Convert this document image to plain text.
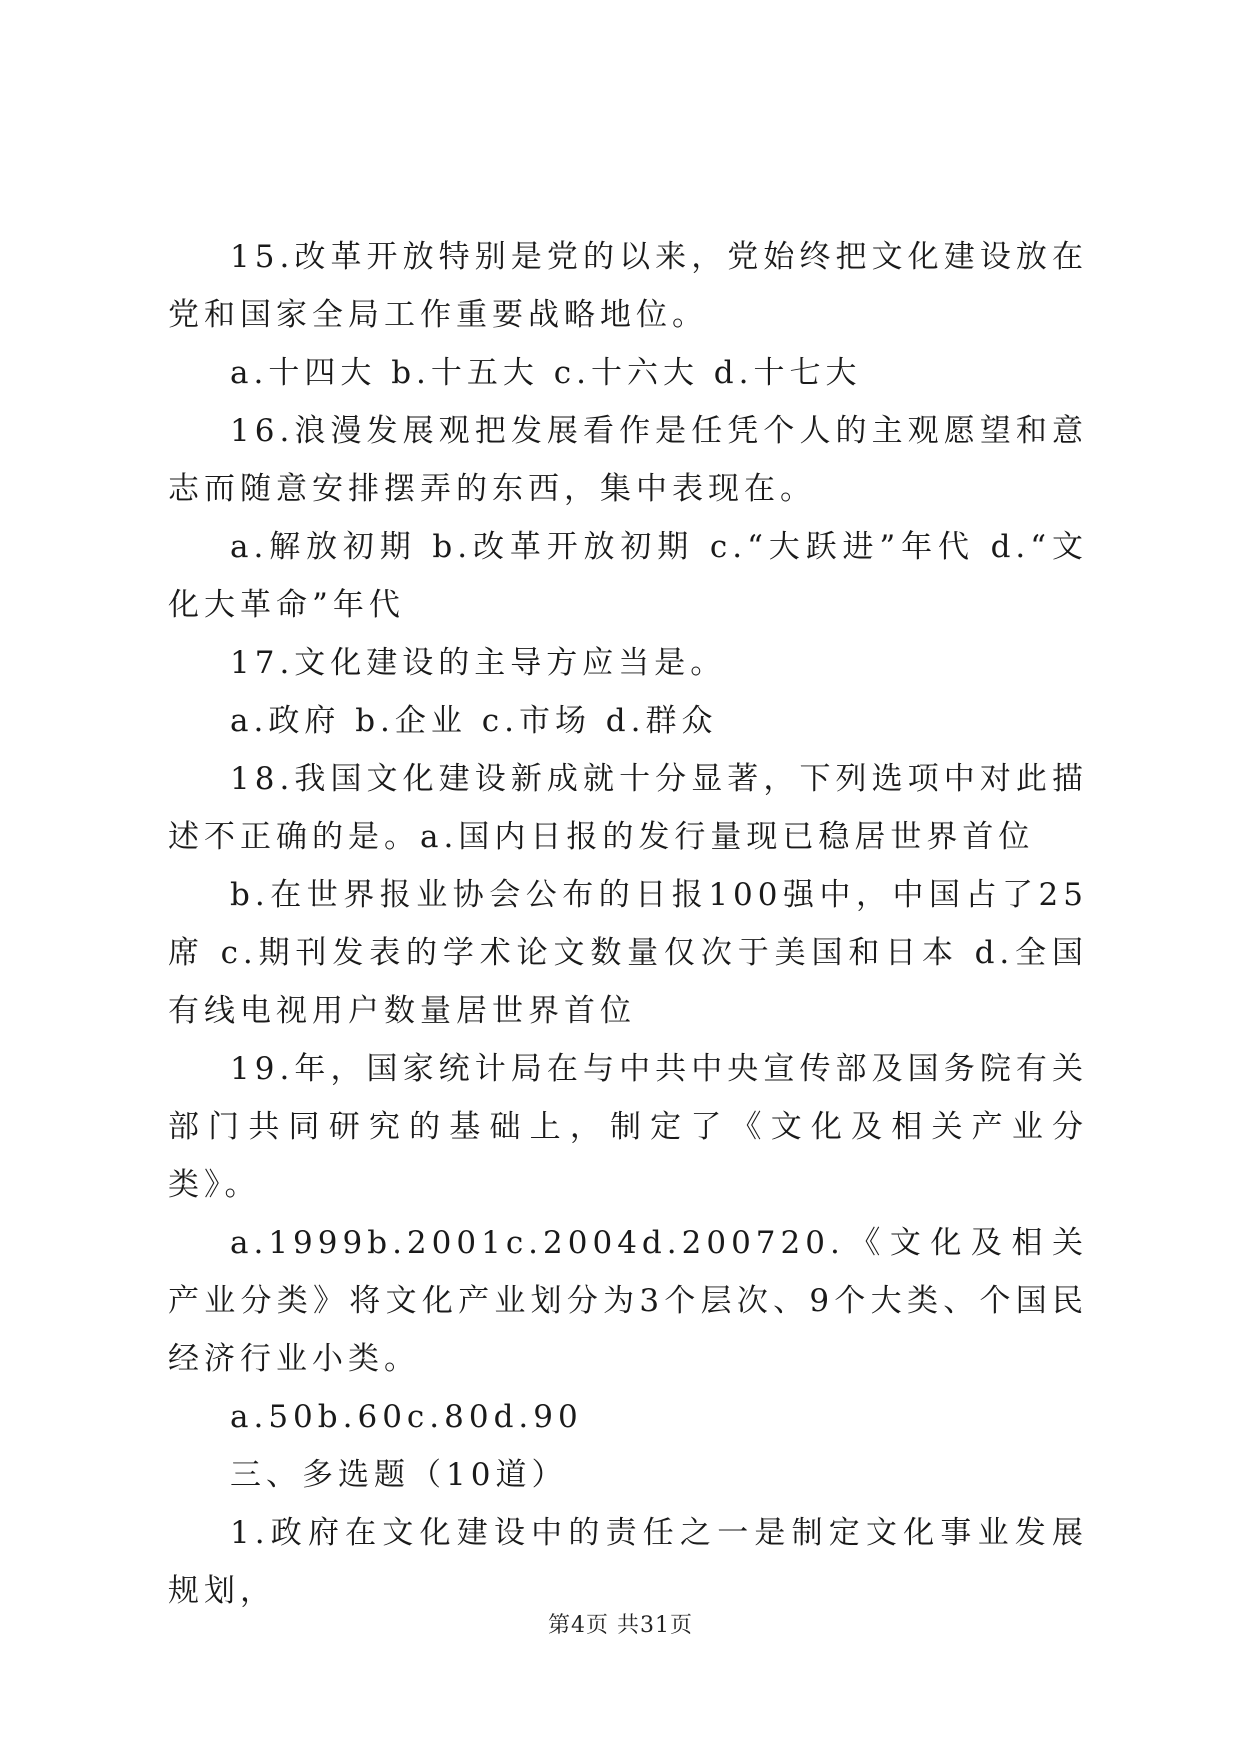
15.改革开放特别是党的以来，党始终把文化建设放在党和国家全局工作重要战略地位。

a.十四大 b.十五大 c.十六大 d.十七大

16.浪漫发展观把发展看作是任凭个人的主观愿望和意志而随意安排摆弄的东西，集中表现在。

a.解放初期 b.改革开放初期 c.“大跃进”年代 d.“文化大革命”年代

17.文化建设的主导方应当是。

a.政府 b.企业 c.市场 d.群众

18.我国文化建设新成就十分显著，下列选项中对此描述不正确的是。a.国内日报的发行量现已稳居世界首位

b.在世界报业协会公布的日报100强中，中国占了25席 c.期刊发表的学术论文数量仅次于美国和日本 d.全国有线电视用户数量居世界首位

19.年，国家统计局在与中共中央宣传部及国务院有关部门共同研究的基础上，制定了《文化及相关产业分类》。

a.1999b.2001c.2004d.200720.《文化及相关产业分类》将文化产业划分为3个层次、9个大类、个国民经济行业小类。

a.50b.60c.80d.90

三、多选题（10道）

1.政府在文化建设中的责任之一是制定文化事业发展规划，

第4页 共31页
